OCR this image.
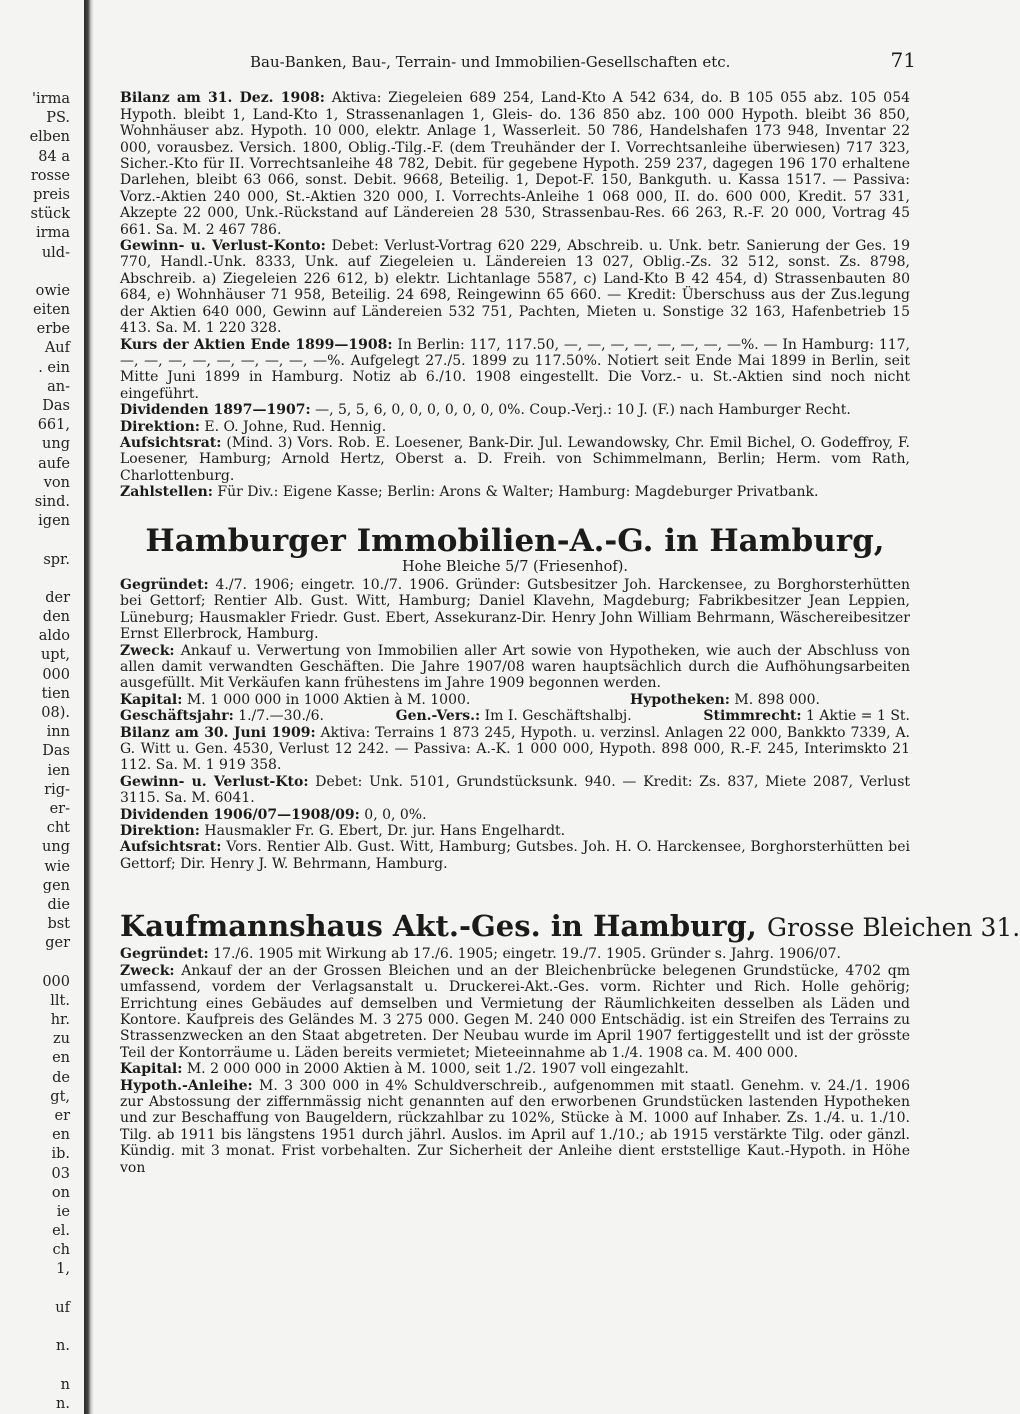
'irma
PS.
elben
84 a
rosse
preis
stück
irma
uld-
owie
eiten
erbe
Auf
. ein
an-
Das
661,
ung
aufe
von
sind.
igen
spr.
der
den
aldo
upt,
000
tien
08).
inn
Das
ien
rig-
er-
cht
ung
wie
gen
die
bst
ger
000
llt.
hr.
zu
en
de
gt,
er
en
ib.
03
on
ie
el.
ch
1,
uf
n.
n
n.
Bau-Banken, Bau-, Terrain- und Immobilien-Gesellschaften etc.	71

Bilanz am 31. Dez. 1908: Aktiva: Ziegeleien 689 254, Land-Kto A 542 634, do. B 105 055 abz. 105 054 Hypoth. bleibt 1, Land-Kto 1, Strassenanlagen 1, Gleis- do. 136 850 abz. 100 000 Hypoth. bleibt 36 850, Wohnhäuser abz. Hypoth. 10 000, elektr. Anlage 1, Wasserleit. 50 786, Handelshafen 173 948, Inventar 22 000, vorausbez. Versich. 1800, Oblig.-Tilg.-F. (dem Treuhänder der I. Vorrechtsanleihe überwiesen) 717 323, Sicher.-Kto für II. Vorrechtsanleihe 48 782, Debit. für gegebene Hypoth. 259 237, dagegen 196 170 erhaltene Darlehen, bleibt 63 066, sonst. Debit. 9668, Beteilig. 1, Depot-F. 150, Bankguth. u. Kassa 1517. — Passiva: Vorz.-Aktien 240 000, St.-Aktien 320 000, I. Vorrechts-Anleihe 1 068 000, II. do. 600 000, Kredit. 57 331, Akzepte 22 000, Unk.-Rückstand auf Ländereien 28 530, Strassenbau-Res. 66 263, R.-F. 20 000, Vortrag 45 661. Sa. M. 2 467 786.

Gewinn- u. Verlust-Konto: Debet: Verlust-Vortrag 620 229, Abschreib. u. Unk. betr. Sanierung der Ges. 19 770, Handl.-Unk. 8333, Unk. auf Ziegeleien u. Ländereien 13 027, Oblig.-Zs. 32 512, sonst. Zs. 8798, Abschreib. a) Ziegeleien 226 612, b) elektr. Lichtanlage 5587, c) Land-Kto B 42 454, d) Strassenbauten 80 684, e) Wohnhäuser 71 958, Beteilig. 24 698, Reingewinn 65 660. — Kredit: Überschuss aus der Zus.legung der Aktien 640 000, Gewinn auf Ländereien 532 751, Pachten, Mieten u. Sonstige 32 163, Hafenbetrieb 15 413. Sa. M. 1 220 328.

Kurs der Aktien Ende 1899—1908: In Berlin: 117, 117.50, —, —, —, —, —, —, —, —%. — In Hamburg: 117, —, —, —, —, —, —, —, —, —%. Aufgelegt 27./5. 1899 zu 117.50%. Notiert seit Ende Mai 1899 in Berlin, seit Mitte Juni 1899 in Hamburg. Notiz ab 6./10. 1908 eingestellt. Die Vorz.- u. St.-Aktien sind noch nicht eingeführt.

Dividenden 1897—1907: —, 5, 5, 6, 0, 0, 0, 0, 0, 0, 0%. Coup.-Verj.: 10 J. (F.) nach Hamburger Recht.

Direktion: E. O. Johne, Rud. Hennig.

Aufsichtsrat: (Mind. 3) Vors. Rob. E. Loesener, Bank-Dir. Jul. Lewandowsky, Chr. Emil Bichel, O. Godeffroy, F. Loesener, Hamburg; Arnold Hertz, Oberst a. D. Freih. von Schimmelmann, Berlin; Herm. vom Rath, Charlottenburg.

Zahlstellen: Für Div.: Eigene Kasse; Berlin: Arons & Walter; Hamburg: Magdeburger Privatbank.

Hamburger Immobilien-A.-G. in Hamburg,
Hohe Bleiche 5/7 (Friesenhof).

Gegründet: 4./7. 1906; eingetr. 10./7. 1906. Gründer: Gutsbesitzer Joh. Harckensee, zu Borghorsterhütten bei Gettorf; Rentier Alb. Gust. Witt, Hamburg; Daniel Klavehn, Magdeburg; Fabrikbesitzer Jean Leppien, Lüneburg; Hausmakler Friedr. Gust. Ebert, Assekuranz-Dir. Henry John William Behrmann, Wäschereibesitzer Ernst Ellerbrock, Hamburg.

Zweck: Ankauf u. Verwertung von Immobilien aller Art sowie von Hypotheken, wie auch der Abschluss von allen damit verwandten Geschäften. Die Jahre 1907/08 waren hauptsächlich durch die Aufhöhungsarbeiten ausgefüllt. Mit Verkäufen kann frühestens im Jahre 1909 begonnen werden.

Kapital: M. 1 000 000 in 1000 Aktien à M. 1000.	Hypotheken: M. 898 000.
Geschäftsjahr: 1./7.—30./6.	Gen.-Vers.: Im I. Geschäftshalbj.	Stimmrecht: 1 Aktie = 1 St.

Bilanz am 30. Juni 1909: Aktiva: Terrains 1 873 245, Hypoth. u. verzinsl. Anlagen 22 000, Bankkto 7339, A. G. Witt u. Gen. 4530, Verlust 12 242. — Passiva: A.-K. 1 000 000, Hypoth. 898 000, R.-F. 245, Interimskto 21 112. Sa. M. 1 919 358.

Gewinn- u. Verlust-Kto: Debet: Unk. 5101, Grundstücksunk. 940. — Kredit: Zs. 837, Miete 2087, Verlust 3115. Sa. M. 6041.

Dividenden 1906/07—1908/09: 0, 0, 0%.

Direktion: Hausmakler Fr. G. Ebert, Dr. jur. Hans Engelhardt.

Aufsichtsrat: Vors. Rentier Alb. Gust. Witt, Hamburg; Gutsbes. Joh. H. O. Harckensee, Borghorsterhütten bei Gettorf; Dir. Henry J. W. Behrmann, Hamburg.

Kaufmannshaus Akt.-Ges. in Hamburg, Grosse Bleichen 31.

Gegründet: 17./6. 1905 mit Wirkung ab 17./6. 1905; eingetr. 19./7. 1905. Gründer s. Jahrg. 1906/07.

Zweck: Ankauf der an der Grossen Bleichen und an der Bleichenbrücke belegenen Grundstücke, 4702 qm umfassend, vordem der Verlagsanstalt u. Druckerei-Akt.-Ges. vorm. Richter und Rich. Holle gehörig; Errichtung eines Gebäudes auf demselben und Vermietung der Räumlichkeiten desselben als Läden und Kontore. Kaufpreis des Geländes M. 3 275 000. Gegen M. 240 000 Entschädig. ist ein Streifen des Terrains zu Strassenzwecken an den Staat abgetreten. Der Neubau wurde im April 1907 fertiggestellt und ist der grösste Teil der Kontorräume u. Läden bereits vermietet; Mieteeinnahme ab 1./4. 1908 ca. M. 400 000.

Kapital: M. 2 000 000 in 2000 Aktien à M. 1000, seit 1./2. 1907 voll eingezahlt.

Hypoth.-Anleihe: M. 3 300 000 in 4% Schuldverschreib., aufgenommen mit staatl. Genehm. v. 24./1. 1906 zur Abstossung der ziffernmässig nicht genannten auf den erworbenen Grundstücken lastenden Hypotheken und zur Beschaffung von Baugeldern, rückzahlbar zu 102%, Stücke à M. 1000 auf Inhaber. Zs. 1./4. u. 1./10. Tilg. ab 1911 bis längstens 1951 durch jährl. Auslos. im April auf 1./10.; ab 1915 verstärkte Tilg. oder gänzl. Kündig. mit 3 monat. Frist vorbehalten. Zur Sicherheit der Anleihe dient erststellige Kaut.-Hypoth. in Höhe von
